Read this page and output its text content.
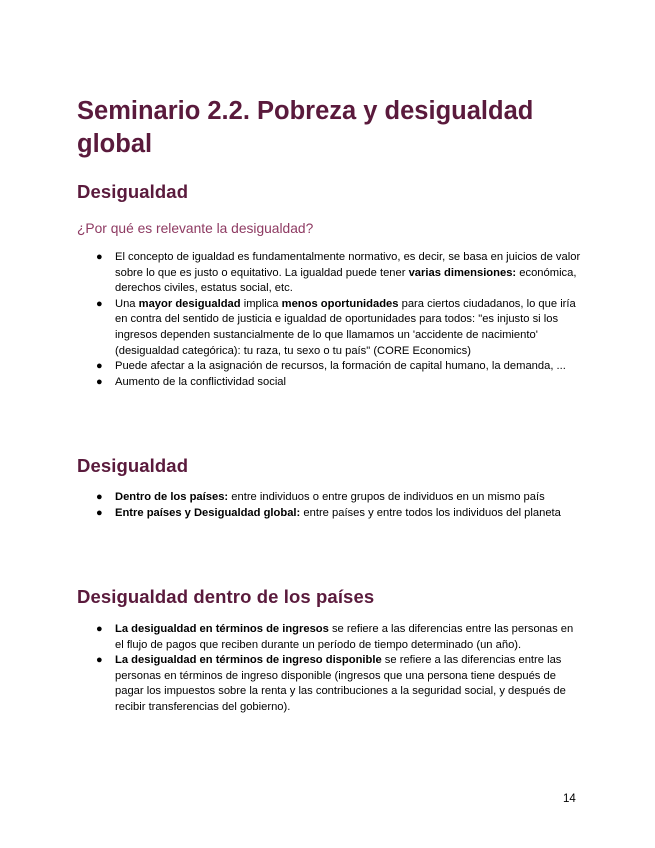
Seminario 2.2. Pobreza y desigualdad global
Desigualdad
¿Por qué es relevante la desigualdad?
● El concepto de igualdad es fundamentalmente normativo, es decir, se basa en juicios de valor sobre lo que es justo o equitativo. La igualdad puede tener varias dimensiones: económica, derechos civiles, estatus social, etc.
● Una mayor desigualdad implica menos oportunidades para ciertos ciudadanos, lo que iría en contra del sentido de justicia e igualdad de oportunidades para todos: "es injusto si los ingresos dependen sustancialmente de lo que llamamos un 'accidente de nacimiento' (desigualdad categórica): tu raza, tu sexo o tu país" (CORE Economics)
● Puede afectar a la asignación de recursos, la formación de capital humano, la demanda, ...
● Aumento de la conflictividad social
Desigualdad
● Dentro de los países: entre individuos o entre grupos de individuos en un mismo país
● Entre países y Desigualdad global: entre países y entre todos los individuos del planeta
Desigualdad dentro de los países
● La desigualdad en términos de ingresos se refiere a las diferencias entre las personas en el flujo de pagos que reciben durante un período de tiempo determinado (un año).
● La desigualdad en términos de ingreso disponible se refiere a las diferencias entre las personas en términos de ingreso disponible (ingresos que una persona tiene después de pagar los impuestos sobre la renta y las contribuciones a la seguridad social, y después de recibir transferencias del gobierno).
14
